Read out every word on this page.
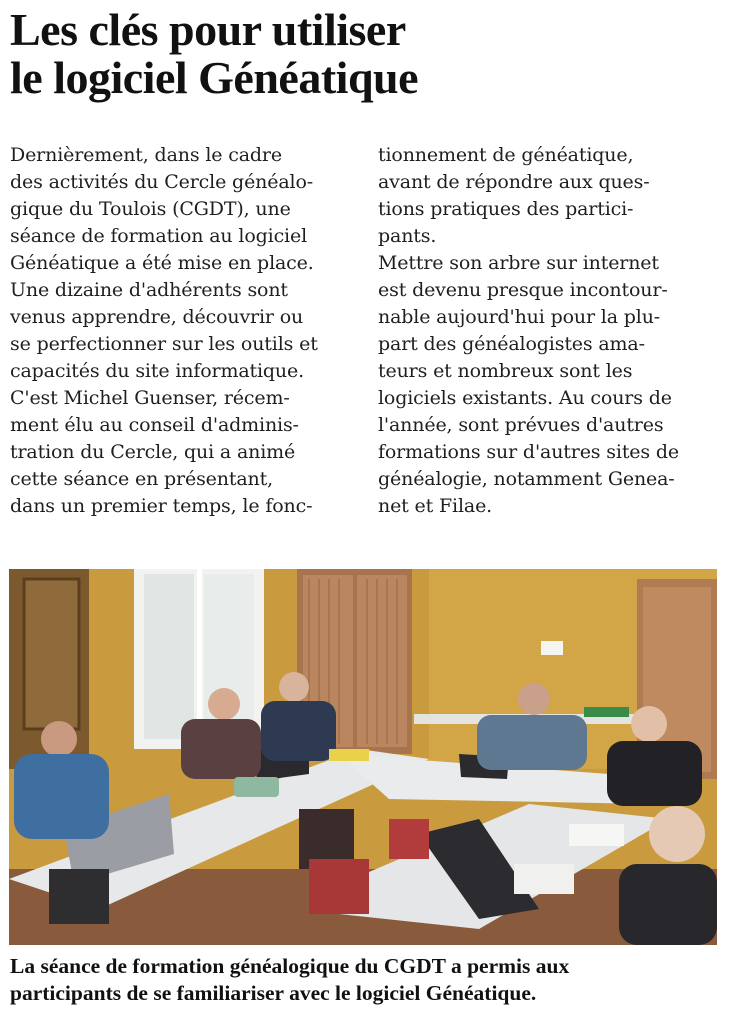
Les clés pour utiliser
le logiciel Généatique
Dernièrement, dans le cadre
des activités du Cercle généalo-
gique du Toulois (CGDT), une
séance de formation au logiciel
Généatique a été mise en place.
Une dizaine d'adhérents sont
venus apprendre, découvrir ou
se perfectionner sur les outils et
capacités du site informatique.
C'est Michel Guenser, récem-
ment élu au conseil d'adminis-
tration du Cercle, qui a animé
cette séance en présentant,
dans un premier temps, le fonc-
tionnement de généatique,
avant de répondre aux ques-
tions pratiques des partici-
pants.
Mettre son arbre sur internet
est devenu presque incontour-
nable aujourd'hui pour la plu-
part des généalogistes ama-
teurs et nombreux sont les
logiciels existants. Au cours de
l'année, sont prévues d'autres
formations sur d'autres sites de
généalogie, notamment Genea-
net et Filae.
La séance de formation généalogique du CGDT a permis aux
participants de se familiariser avec le logiciel Généatique.
